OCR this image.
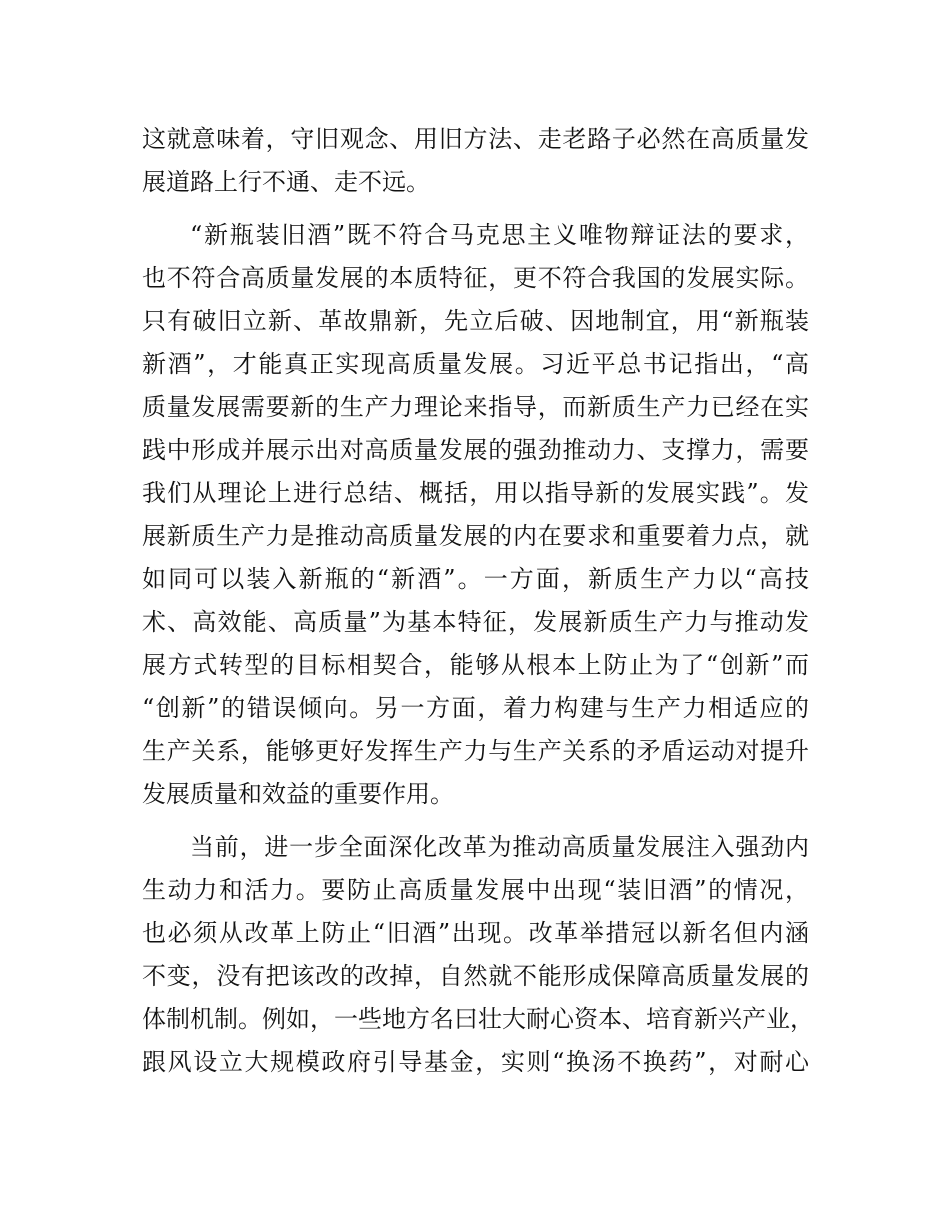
这就意味着，守旧观念、用旧方法、走老路子必然在高质量发
展道路上行不通、走不远。
“新瓶装旧酒”既不符合马克思主义唯物辩证法的要求，
也不符合高质量发展的本质特征，更不符合我国的发展实际。
只有破旧立新、革故鼎新，先立后破、因地制宜，用“新瓶装
新酒”，才能真正实现高质量发展。习近平总书记指出，“高
质量发展需要新的生产力理论来指导，而新质生产力已经在实
践中形成并展示出对高质量发展的强劲推动力、支撑力，需要
我们从理论上进行总结、概括，用以指导新的发展实践”。发
展新质生产力是推动高质量发展的内在要求和重要着力点，就
如同可以装入新瓶的“新酒”。一方面，新质生产力以“高技
术、高效能、高质量”为基本特征，发展新质生产力与推动发
展方式转型的目标相契合，能够从根本上防止为了“创新”而
“创新”的错误倾向。另一方面，着力构建与生产力相适应的
生产关系，能够更好发挥生产力与生产关系的矛盾运动对提升
发展质量和效益的重要作用。
当前，进一步全面深化改革为推动高质量发展注入强劲内
生动力和活力。要防止高质量发展中出现“装旧酒”的情况，
也必须从改革上防止“旧酒”出现。改革举措冠以新名但内涵
不变，没有把该改的改掉，自然就不能形成保障高质量发展的
体制机制。例如，一些地方名曰壮大耐心资本、培育新兴产业，
跟风设立大规模政府引导基金，实则“换汤不换药”，对耐心
